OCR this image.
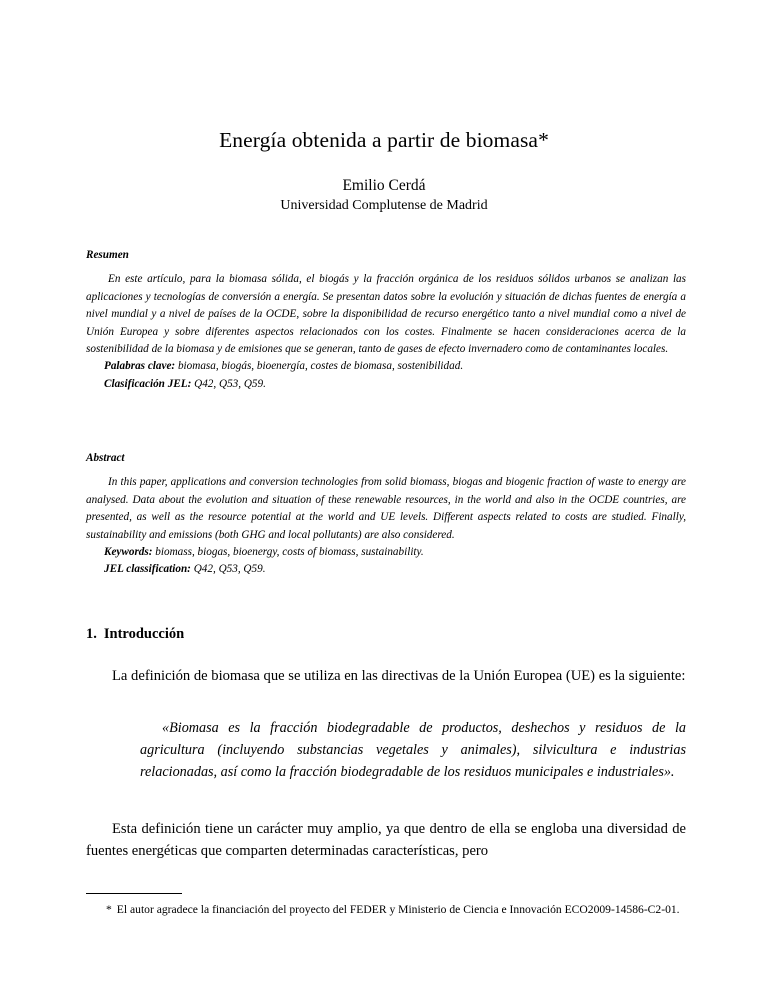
Energía obtenida a partir de biomasa*
Emilio Cerdá
Universidad Complutense de Madrid
Resumen

En este artículo, para la biomasa sólida, el biogás y la fracción orgánica de los residuos sólidos urbanos se analizan las aplicaciones y tecnologías de conversión a energía. Se presentan datos sobre la evolución y situación de dichas fuentes de energía a nivel mundial y a nivel de países de la OCDE, sobre la disponibilidad de recurso energético tanto a nivel mundial como a nivel de Unión Europea y sobre diferentes aspectos relacionados con los costes. Finalmente se hacen consideraciones acerca de la sostenibilidad de la biomasa y de emisiones que se generan, tanto de gases de efecto invernadero como de contaminantes locales.

Palabras clave: biomasa, biogás, bioenergía, costes de biomasa, sostenibilidad.

Clasificación JEL: Q42, Q53, Q59.

Abstract

In this paper, applications and conversion technologies from solid biomass, biogas and biogenic fraction of waste to energy are analysed. Data about the evolution and situation of these renewable resources, in the world and also in the OCDE countries, are presented, as well as the resource potential at the world and UE levels. Different aspects related to costs are studied. Finally, sustainability and emissions (both GHG and local pollutants) are also considered.

Keywords: biomass, biogas, bioenergy, costs of biomass, sustainability.

JEL classification: Q42, Q53, Q59.

1. Introducción

La definición de biomasa que se utiliza en las directivas de la Unión Europea (UE) es la siguiente:

«Biomasa es la fracción biodegradable de productos, deshechos y residuos de la agricultura (incluyendo substancias vegetales y animales), silvicultura e industrias relacionadas, así como la fracción biodegradable de los residuos municipales e industriales».

Esta definición tiene un carácter muy amplio, ya que dentro de ella se engloba una diversidad de fuentes energéticas que comparten determinadas características, pero

* El autor agradece la financiación del proyecto del FEDER y Ministerio de Ciencia e Innovación ECO2009-14586-C2-01.
